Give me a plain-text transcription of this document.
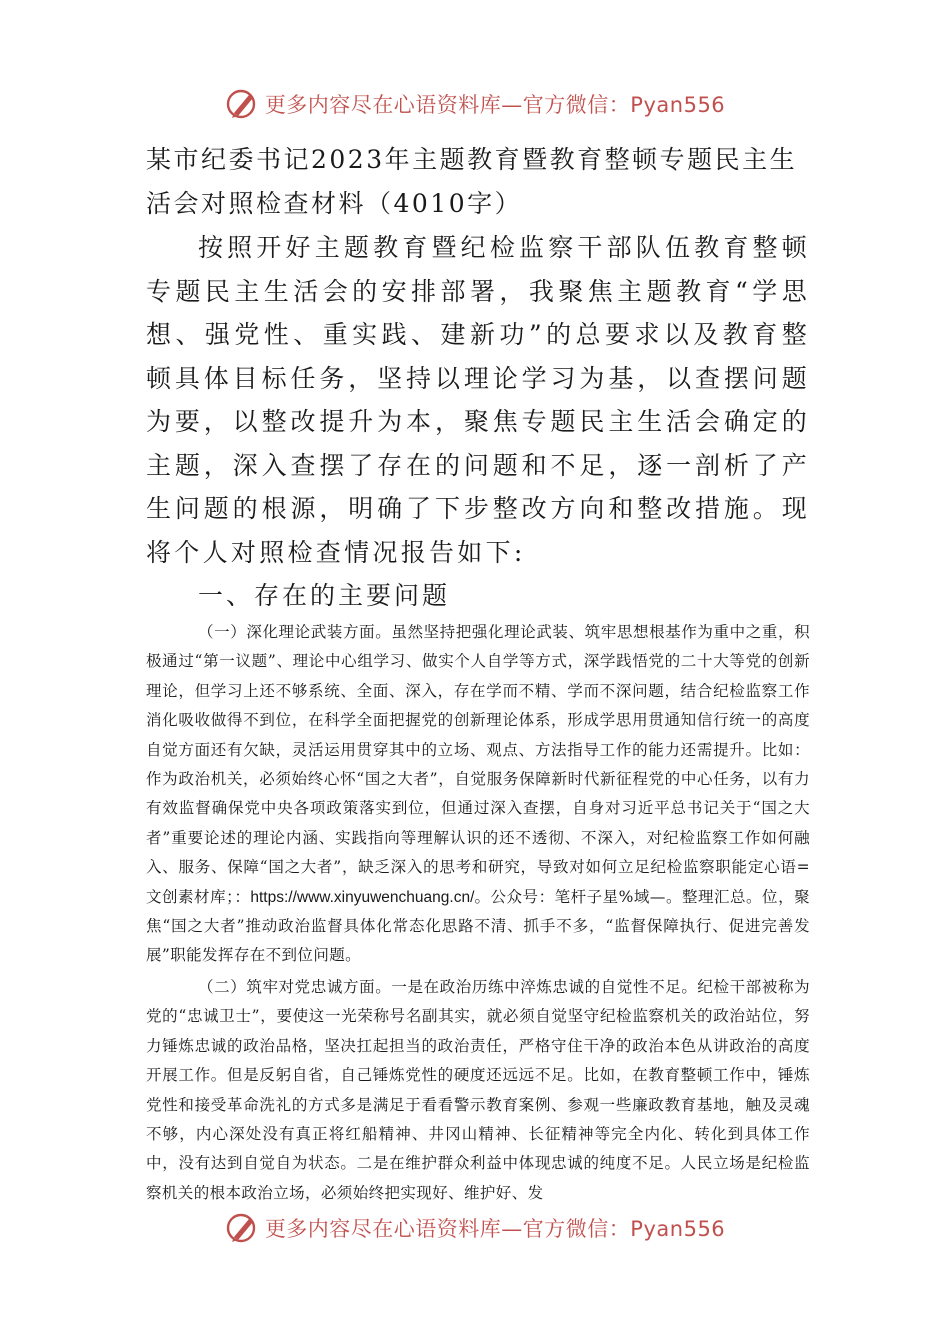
更多内容尽在心语资料库—官方微信：Pyan556
某市纪委书记2023年主题教育暨教育整顿专题民主生活会对照检查材料（4010字）

按照开好主题教育暨纪检监察干部队伍教育整顿专题民主生活会的安排部署，我聚焦主题教育“学思想、强党性、重实践、建新功”的总要求以及教育整顿具体目标任务，坚持以理论学习为基，以查摆问题为要，以整改提升为本，聚焦专题民主生活会确定的主题，深入查摆了存在的问题和不足，逐一剖析了产生问题的根源，明确了下步整改方向和整改措施。现将个人对照检查情况报告如下:

一、存在的主要问题

（一）深化理论武装方面。虽然坚持把强化理论武装、筑牢思想根基作为重中之重，积极通过“第一议题”、理论中心组学习、做实个人自学等方式，深学践悟党的二十大等党的创新理论，但学习上还不够系统、全面、深入，存在学而不精、学而不深问题，结合纪检监察工作消化吸收做得不到位，在科学全面把握党的创新理论体系，形成学思用贯通知信行统一的高度自觉方面还有欠缺，灵活运用贯穿其中的立场、观点、方法指导工作的能力还需提升。比如：作为政治机关，必须始终心怀“国之大者”，自觉服务保障新时代新征程党的中心任务，以有力有效监督确保党中央各项政策落实到位，但通过深入查摆，自身对习近平总书记关于“国之大者”重要论述的理论内涵、实践指向等理解认识的还不透彻、不深入，对纪检监察工作如何融入、服务、保障“国之大者”，缺乏深入的思考和研究，导致对如何立足纪检监察职能定心语=文创素材库；：https://www.xinyuwenchuang.cn/。公众号：笔杆子星%域—。整理汇总。位，聚焦“国之大者”推动政治监督具体化常态化思路不清、抓手不多，“监督保障执行、促进完善发展”职能发挥存在不到位问题。

（二）筑牢对党忠诚方面。一是在政治历练中淬炼忠诚的自觉性不足。纪检干部被称为党的“忠诚卫士”，要使这一光荣称号名副其实，就必须自觉坚守纪检监察机关的政治站位，努力锤炼忠诚的政治品格，坚决扛起担当的政治责任，严格守住干净的政治本色从讲政治的高度开展工作。但是反躬自省，自己锤炼党性的硬度还远远不足。比如，在教育整顿工作中，锤炼党性和接受革命洗礼的方式多是满足于看看警示教育案例、参观一些廉政教育基地，触及灵魂不够，内心深处没有真正将红船精神、井冈山精神、长征精神等完全内化、转化到具体工作中，没有达到自觉自为状态。二是在维护群众利益中体现忠诚的纯度不足。人民立场是纪检监察机关的根本政治立场，必须始终把实现好、维护好、发

更多内容尽在心语资料库—官方微信：Pyan556
